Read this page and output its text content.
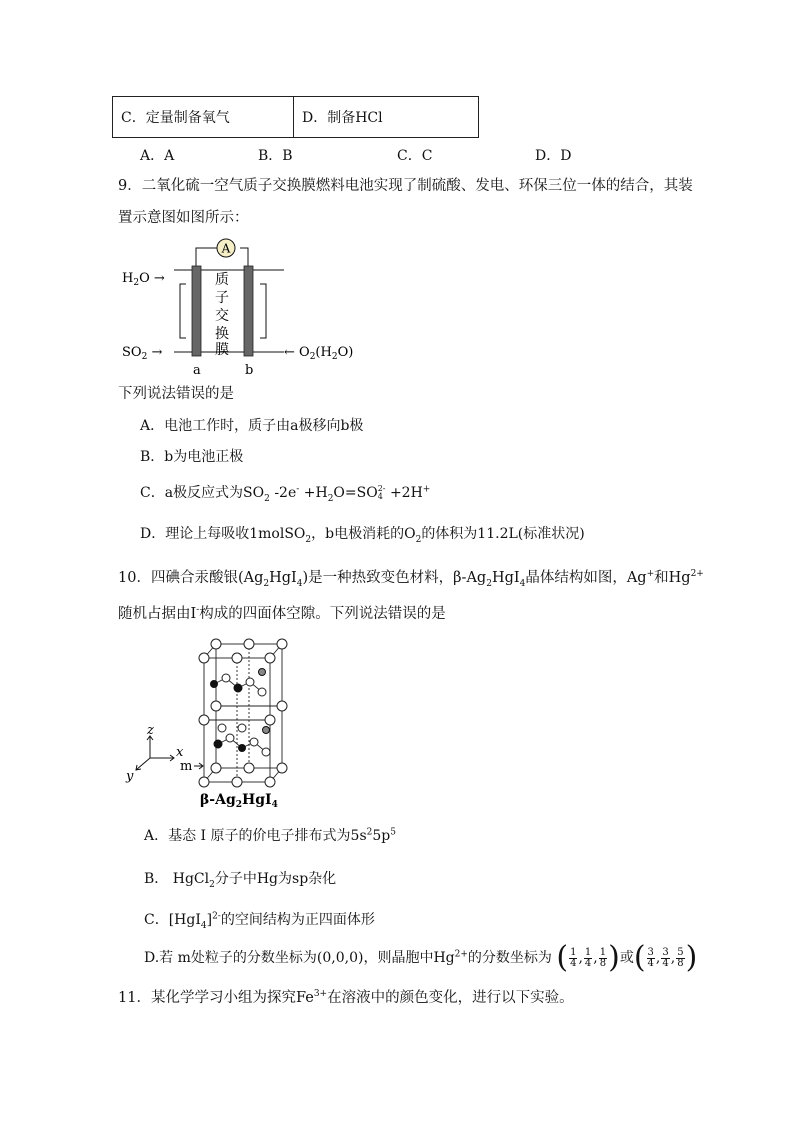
C．定量制备氧气	D．制备HCl
A．A	B．B	C．C	D．D
9．二氧化硫一空气质子交换膜燃料电池实现了制硫酸、发电、环保三位一体的结合，其装
置示意图如图所示：
A
质
子
交
换
膜
$H_2O$ →
$SO_2$ →	← $O_2(H_2O)$
a	b
下列说法错误的是
A．电池工作时，质子由a极移向b极
B．b为电池正极
C．a极反应式为$SO_2$ $-2e^- +H_2O=SO$ 2-
4 +2H+
D．理论上每吸收1molSO$_2$，b电极消耗的$O_2$的体积为11.2L(标准状况)
10．四碘合汞酸银$(Ag_2HgI_4)$是一种热致变色材料，$\beta-Ag_2HgI_4$晶体结构如图，Ag+和$Hg^{2+}$
随机占据由I-构成的四面体空隙。下列说法错误的是
z
x
y
m
$\beta-Ag_2HgI_4$
A．基态 I 原子的价电子排布式为$5s^25p^5$
B． HgCl$_2$分子中Hg为sp杂化
C．$[HgI_4]^{2-}$的空间结构为正四面体形
D.若 m处粒子的分数坐标为(0,0,0)，则晶胞中$Hg^{2+}$的分数坐标为 ( $\frac{1}{4}$ , $\frac{1}{4}$ , $\frac{1}{8}$ )或( $\frac{3}{4}$ , $\frac{3}{4}$ , $\frac{5}{8}$ )
11．某化学学习小组为探究$Fe^{3+}$在溶液中的颜色变化，进行以下实验。
